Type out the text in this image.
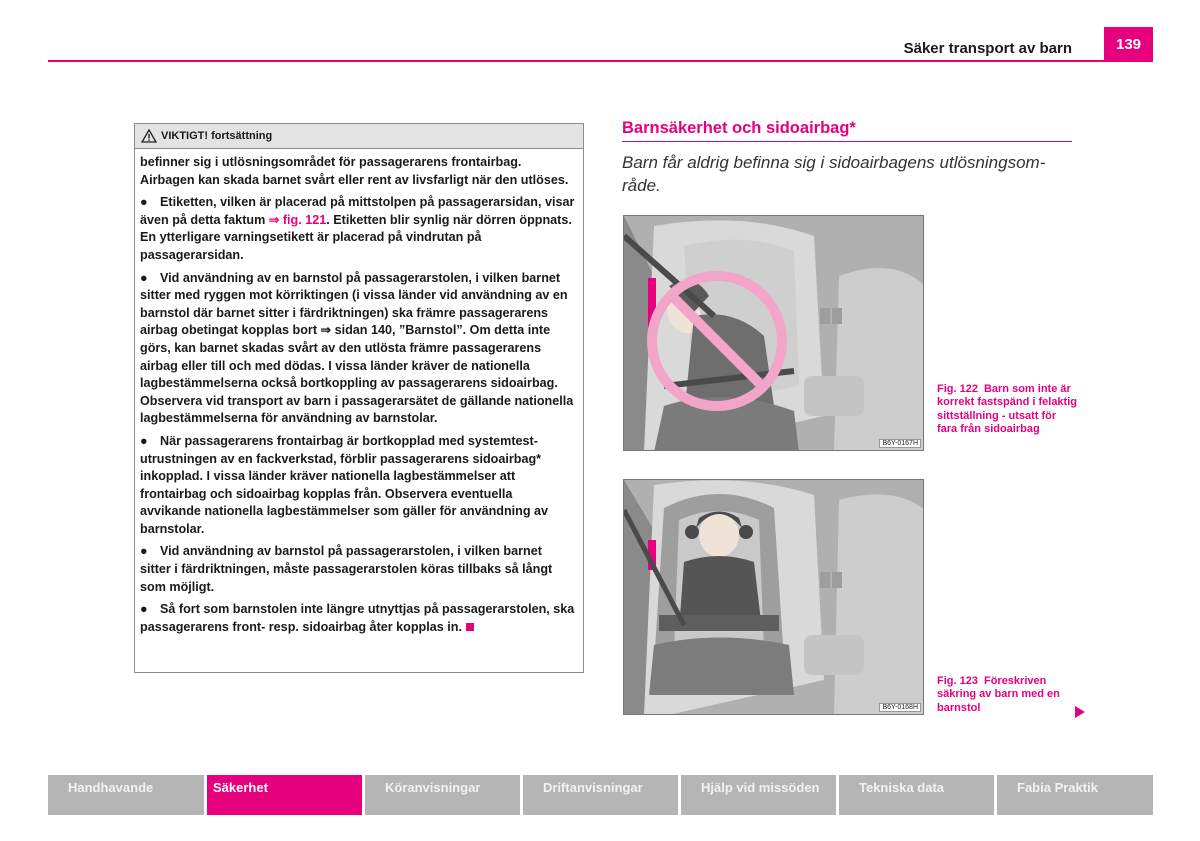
Säker transport av barn	139
VIKTIGT! fortsättning

befinner sig i utlösningsområdet för passagerarens frontairbag. Airbagen kan skada barnet svårt eller rent av livsfarligt när den utlöses.

● Etiketten, vilken är placerad på mittstolpen på passagerarsidan, visar även på detta faktum ⇒ fig. 121. Etiketten blir synlig när dörren öppnats. En ytterligare varningsetikett är placerad på vindrutan på passagerarsidan.

● Vid användning av en barnstol på passagerarstolen, i vilken barnet sitter med ryggen mot körriktingen (i vissa länder vid användning av en barnstol där barnet sitter i färdriktningen) ska främre passagerarens airbag obetingat kopplas bort ⇒ sidan 140, ”Barnstol”. Om detta inte görs, kan barnet skadas svårt av den utlösta främre passagerarens airbag eller till och med dödas. I vissa länder kräver de nationella lagbestämmelserna också bortkoppling av passagerarens sidoairbag. Observera vid transport av barn i passagerarsätet de gällande nationella lagbestämmelserna för användning av barnstolar.

● När passagerarens frontairbag är bortkopplad med systemtestutrustningen av en fackverkstad, förblir passagerarens sidoairbag* inkopplad. I vissa länder kräver nationella lagbestämmelser att frontairbag och sidoairbag kopplas från. Observera eventuella avvikande nationella lagbestämmelser som gäller för användning av barnstolar.

● Vid användning av barnstol på passagerarstolen, i vilken barnet sitter i färdriktningen, måste passagerarstolen köras tillbaks så långt som möjligt.

● Så fort som barnstolen inte längre utnyttjas på passagerarstolen, ska passagerarens front- resp. sidoairbag åter kopplas in.

Barnsäkerhet och sidoairbag*
Barn får aldrig befinna sig i sidoairbagens utlösningsområde.
B6Y-0167H
Fig. 122 Barn som inte är korrekt fastspänd i felaktig sittställning - utsatt för fara från sidoairbag
B6Y-0168H
Fig. 123 Föreskriven säkring av barn med en barnstol
Handhavande	Säkerhet	Köranvisningar	Driftanvisningar	Hjälp vid missöden	Tekniska data	Fabia Praktik
